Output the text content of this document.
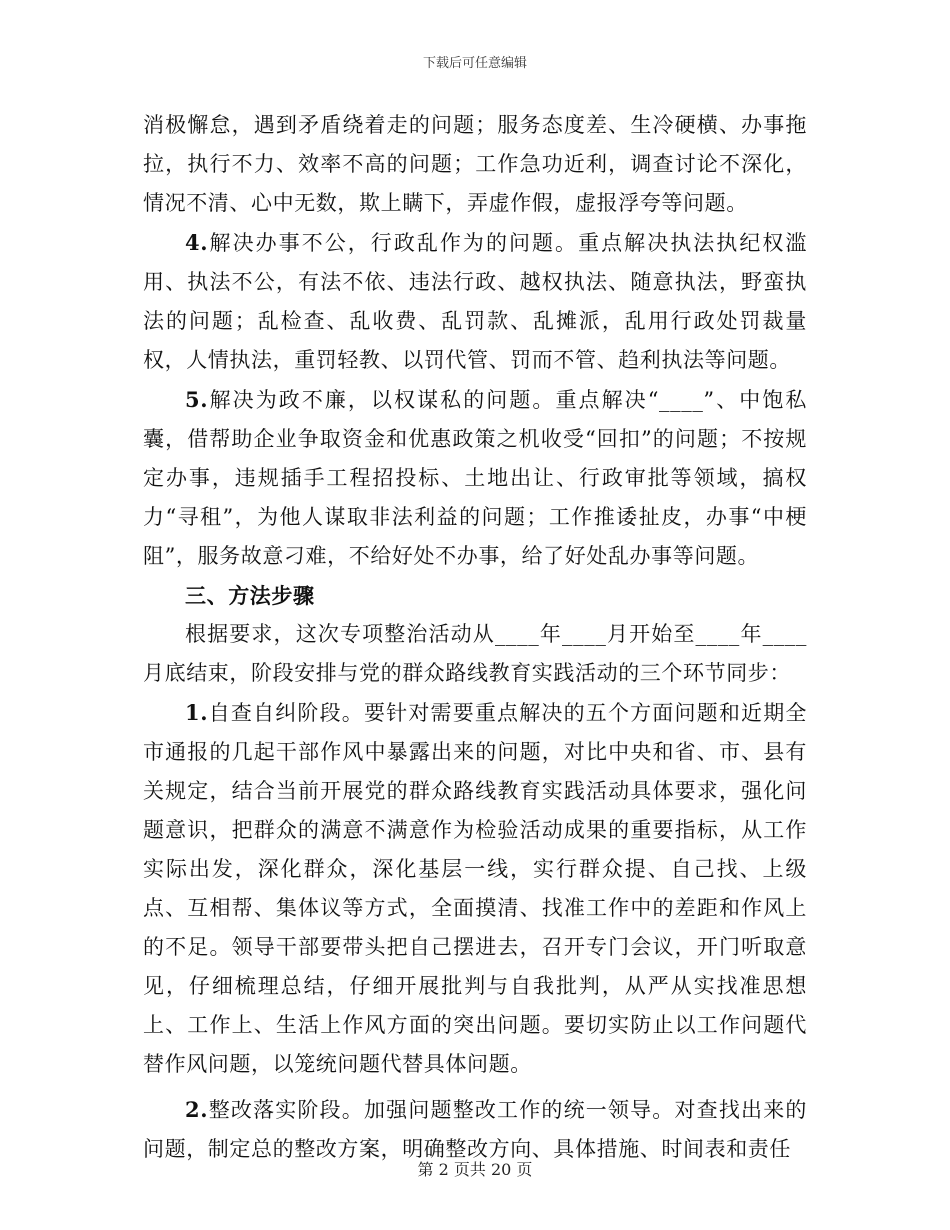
下载后可任意编辑

消极懈怠，遇到矛盾绕着走的问题；服务态度差、生冷硬横、办事拖拉，执行不力、效率不高的问题；工作急功近利，调查讨论不深化，情况不清、心中无数，欺上瞒下，弄虚作假，虚报浮夸等问题。

4.解决办事不公，行政乱作为的问题。重点解决执法执纪权滥用、执法不公，有法不依、违法行政、越权执法、随意执法，野蛮执法的问题；乱检查、乱收费、乱罚款、乱摊派，乱用行政处罚裁量权，人情执法，重罚轻教、以罚代管、罚而不管、趋利执法等问题。

5.解决为政不廉，以权谋私的问题。重点解决“____”、中饱私囊，借帮助企业争取资金和优惠政策之机收受“回扣”的问题；不按规定办事，违规插手工程招投标、土地出让、行政审批等领域，搞权力“寻租”，为他人谋取非法利益的问题；工作推诿扯皮，办事“中梗阻”，服务故意刁难，不给好处不办事，给了好处乱办事等问题。

三、方法步骤

根据要求，这次专项整治活动从____年____月开始至____年____月底结束，阶段安排与党的群众路线教育实践活动的三个环节同步：

1.自查自纠阶段。要针对需要重点解决的五个方面问题和近期全市通报的几起干部作风中暴露出来的问题，对比中央和省、市、县有关规定，结合当前开展党的群众路线教育实践活动具体要求，强化问题意识，把群众的满意不满意作为检验活动成果的重要指标，从工作实际出发，深化群众，深化基层一线，实行群众提、自己找、上级点、互相帮、集体议等方式，全面摸清、找准工作中的差距和作风上的不足。领导干部要带头把自己摆进去，召开专门会议，开门听取意见，仔细梳理总结，仔细开展批判与自我批判，从严从实找准思想上、工作上、生活上作风方面的突出问题。要切实防止以工作问题代替作风问题，以笼统问题代替具体问题。

2.整改落实阶段。加强问题整改工作的统一领导。对查找出来的问题，制定总的整改方案，明确整改方向、具体措施、时间表和责任

第 2 页共 20 页
